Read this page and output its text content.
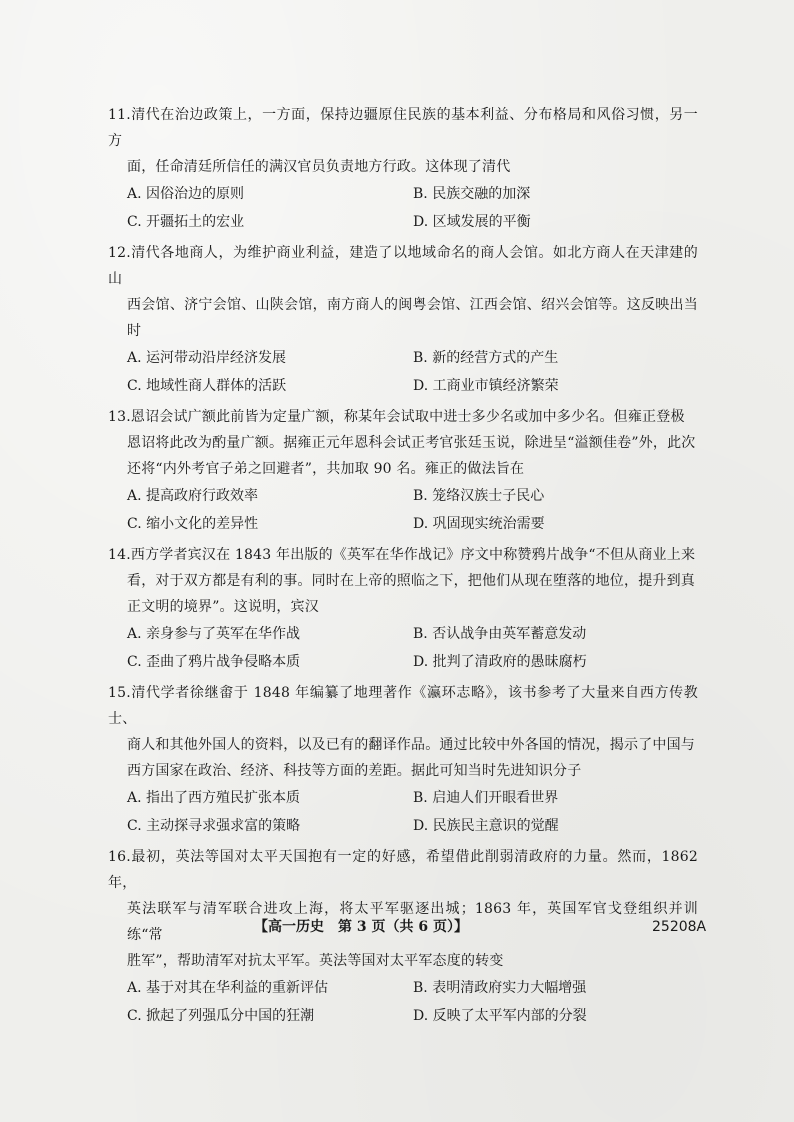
11.清代在治边政策上，一方面，保持边疆原住民族的基本利益、分布格局和风俗习惯，另一方

面，任命清廷所信任的满汉官员负责地方行政。这体现了清代

A. 因俗治边的原则	B. 民族交融的加深
C. 开疆拓土的宏业	D. 区域发展的平衡

12.清代各地商人，为维护商业利益，建造了以地域命名的商人会馆。如北方商人在天津建的山

西会馆、济宁会馆、山陕会馆，南方商人的闽粤会馆、江西会馆、绍兴会馆等。这反映出当时

A. 运河带动沿岸经济发展	B. 新的经营方式的产生
C. 地域性商人群体的活跃	D. 工商业市镇经济繁荣

13.恩诏会试广额此前皆为定量广额，称某年会试取中进士多少名或加中多少名。但雍正登极

恩诏将此改为酌量广额。据雍正元年恩科会试正考官张廷玉说，除进呈“溢额佳卷”外，此次

还将“内外考官子弟之回避者”，共加取 90 名。雍正的做法旨在

A. 提高政府行政效率	B. 笼络汉族士子民心
C. 缩小文化的差异性	D. 巩固现实统治需要

14.西方学者宾汉在 1843 年出版的《英军在华作战记》序文中称赞鸦片战争“不但从商业上来

看，对于双方都是有利的事。同时在上帝的照临之下，把他们从现在堕落的地位，提升到真

正文明的境界”。这说明，宾汉

A. 亲身参与了英军在华作战	B. 否认战争由英军蓄意发动
C. 歪曲了鸦片战争侵略本质	D. 批判了清政府的愚昧腐朽

15.清代学者徐继畬于 1848 年编纂了地理著作《瀛环志略》，该书参考了大量来自西方传教士、

商人和其他外国人的资料，以及已有的翻译作品。通过比较中外各国的情况，揭示了中国与

西方国家在政治、经济、科技等方面的差距。据此可知当时先进知识分子

A. 指出了西方殖民扩张本质	B. 启迪人们开眼看世界
C. 主动探寻求强求富的策略	D. 民族民主意识的觉醒

16.最初，英法等国对太平天国抱有一定的好感，希望借此削弱清政府的力量。然而，1862 年，

英法联军与清军联合进攻上海，将太平军驱逐出城；1863 年，英国军官戈登组织并训练“常

胜军”，帮助清军对抗太平军。英法等国对太平军态度的转变

A. 基于对其在华利益的重新评估	B. 表明清政府实力大幅增强
C. 掀起了列强瓜分中国的狂潮	D. 反映了太平军内部的分裂
【高一历史　第 3 页（共 6 页）】	25208A
